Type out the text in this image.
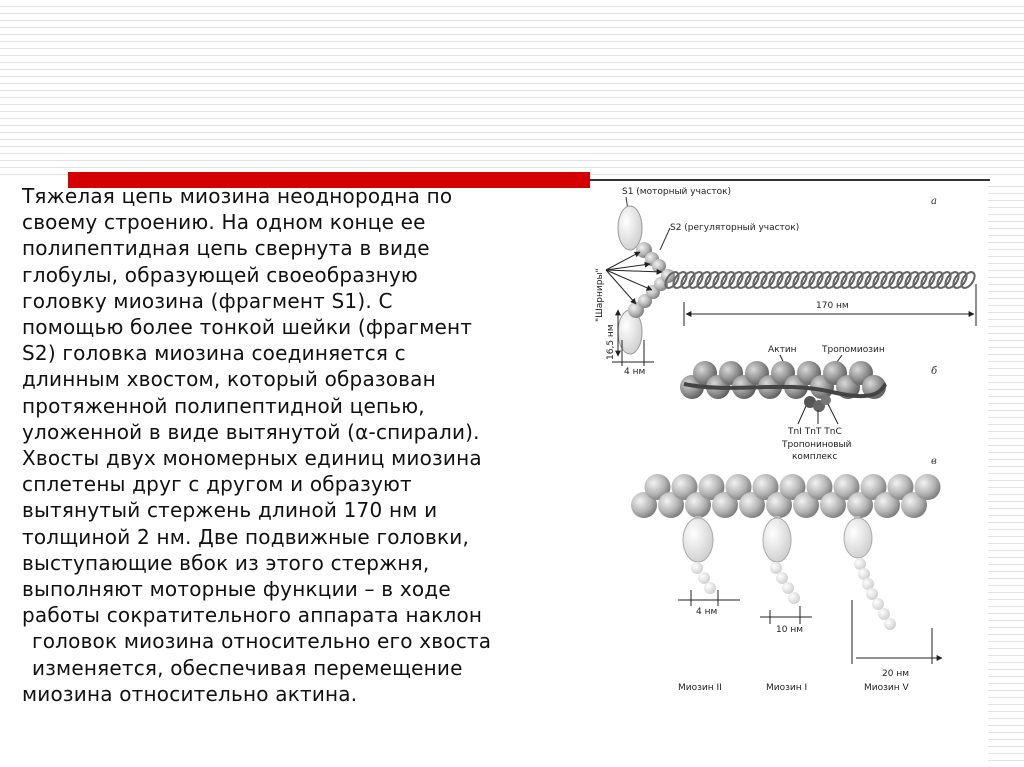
Тяжелая цепь миозина неоднородна по
своему строению. На одном конце ее
полипептидная цепь свернута в виде
глобулы, образующей своеобразную
головку миозина (фрагмент S1). С
помощью более тонкой шейки (фрагмент
S2) головка миозина соединяется с
длинным хвостом, который образован
протяженной полипептидной цепью,
уложенной в виде вытянутой (α-спирали).
Хвосты двух мономерных единиц миозина
сплетены друг с другом и образуют
вытянутый стержень длиной 170 нм и
толщиной 2 нм. Две подвижные головки,
выступающие вбок из этого стержня,
выполняют моторные функции – в ходе
работы сократительного аппарата наклон
головок миозина относительно его хвоста
изменяется, обеспечивая перемещение
миозина относительно актина.
а
S1 (моторный участок)
S2 (регуляторный участок)
"Шарниры"
16,5 нм
4 нм
170 нм
б
Актин	Тропомиозин
TnI TnT TnC
Тропониновый
комплекс	в
4 нм
Миозин II
10 нм
Миозин I
20 нм
Миозин V
